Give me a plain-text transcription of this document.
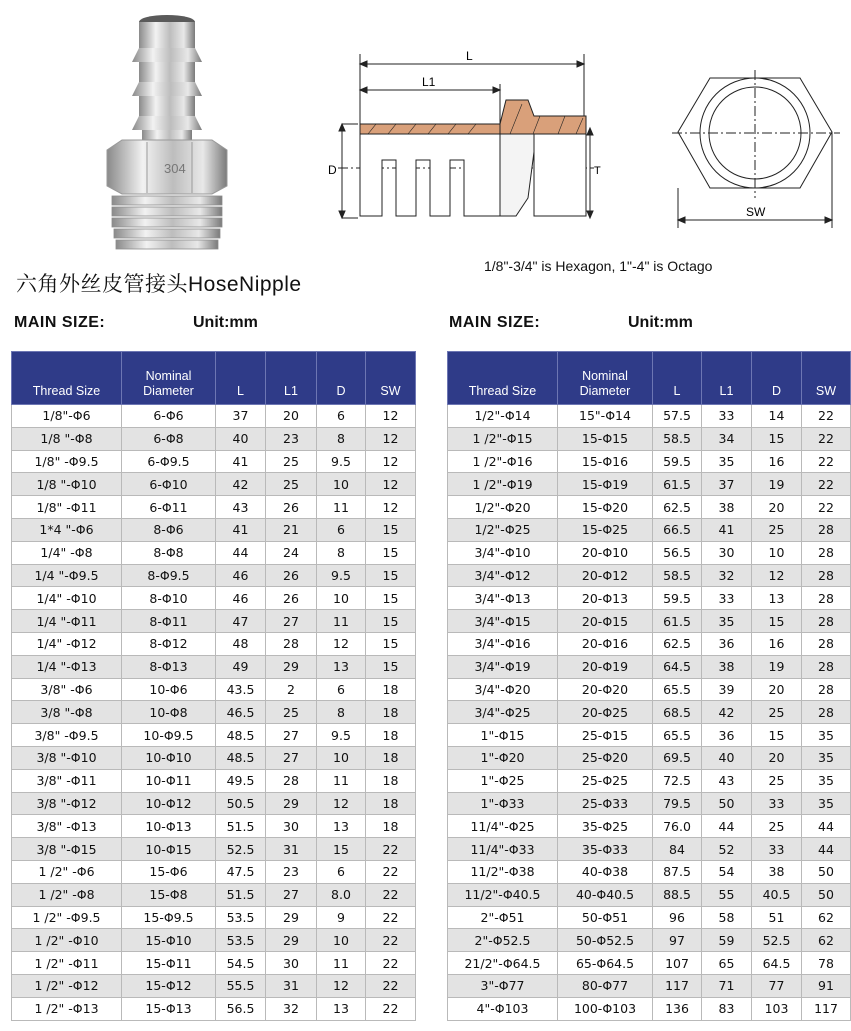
304
L
L1
D	T
SW
1/8"-3/4" is Hexagon, 1"-4" is Octago
六角外丝皮管接头HoseNipple
MAIN SIZE:	Unit:mm	MAIN SIZE:	Unit:mm
Thread Size	Nominal
Diameter	L	L1	D	SW
1/8"-Φ6	6-Φ6	37	20	6	12
1/8 "-Φ8	6-Φ8	40	23	8	12
1/8" -Φ9.5	6-Φ9.5	41	25	9.5	12
1/8 "-Φ10	6-Φ10	42	25	10	12
1/8" -Φ11	6-Φ11	43	26	11	12
1*4 "-Φ6	8-Φ6	41	21	6	15
1/4" -Φ8	8-Φ8	44	24	8	15
1/4 "-Φ9.5	8-Φ9.5	46	26	9.5	15
1/4" -Φ10	8-Φ10	46	26	10	15
1/4 "-Φ11	8-Φ11	47	27	11	15
1/4" -Φ12	8-Φ12	48	28	12	15
1/4 "-Φ13	8-Φ13	49	29	13	15
3/8" -Φ6	10-Φ6	43.5	2	6	18
3/8 "-Φ8	10-Φ8	46.5	25	8	18
3/8" -Φ9.5	10-Φ9.5	48.5	27	9.5	18
3/8 "-Φ10	10-Φ10	48.5	27	10	18
3/8" -Φ11	10-Φ11	49.5	28	11	18
3/8 "-Φ12	10-Φ12	50.5	29	12	18
3/8" -Φ13	10-Φ13	51.5	30	13	18
3/8 "-Φ15	10-Φ15	52.5	31	15	22
1 /2" -Φ6	15-Φ6	47.5	23	6	22
1 /2" -Φ8	15-Φ8	51.5	27	8.0	22
1 /2" -Φ9.5	15-Φ9.5	53.5	29	9	22
1 /2" -Φ10	15-Φ10	53.5	29	10	22
1 /2" -Φ11	15-Φ11	54.5	30	11	22
1 /2" -Φ12	15-Φ12	55.5	31	12	22
1 /2" -Φ13	15-Φ13	56.5	32	13	22
Thread Size	Nominal
Diameter	L	L1	D	SW
1/2"-Φ14	15"-Φ14	57.5	33	14	22
1 /2"-Φ15	15-Φ15	58.5	34	15	22
1 /2"-Φ16	15-Φ16	59.5	35	16	22
1 /2"-Φ19	15-Φ19	61.5	37	19	22
1/2"-Φ20	15-Φ20	62.5	38	20	22
1/2"-Φ25	15-Φ25	66.5	41	25	28
3/4"-Φ10	20-Φ10	56.5	30	10	28
3/4"-Φ12	20-Φ12	58.5	32	12	28
3/4"-Φ13	20-Φ13	59.5	33	13	28
3/4"-Φ15	20-Φ15	61.5	35	15	28
3/4"-Φ16	20-Φ16	62.5	36	16	28
3/4"-Φ19	20-Φ19	64.5	38	19	28
3/4"-Φ20	20-Φ20	65.5	39	20	28
3/4"-Φ25	20-Φ25	68.5	42	25	28
1"-Φ15	25-Φ15	65.5	36	15	35
1"-Φ20	25-Φ20	69.5	40	20	35
1"-Φ25	25-Φ25	72.5	43	25	35
1"-Φ33	25-Φ33	79.5	50	33	35
11/4"-Φ25	35-Φ25	76.0	44	25	44
11/4"-Φ33	35-Φ33	84	52	33	44
11/2"-Φ38	40-Φ38	87.5	54	38	50
11/2"-Φ40.5	40-Φ40.5	88.5	55	40.5	50
2"-Φ51	50-Φ51	96	58	51	62
2"-Φ52.5	50-Φ52.5	97	59	52.5	62
21/2"-Φ64.5	65-Φ64.5	107	65	64.5	78
3"-Φ77	80-Φ77	117	71	77	91
4"-Φ103	100-Φ103	136	83	103	117
